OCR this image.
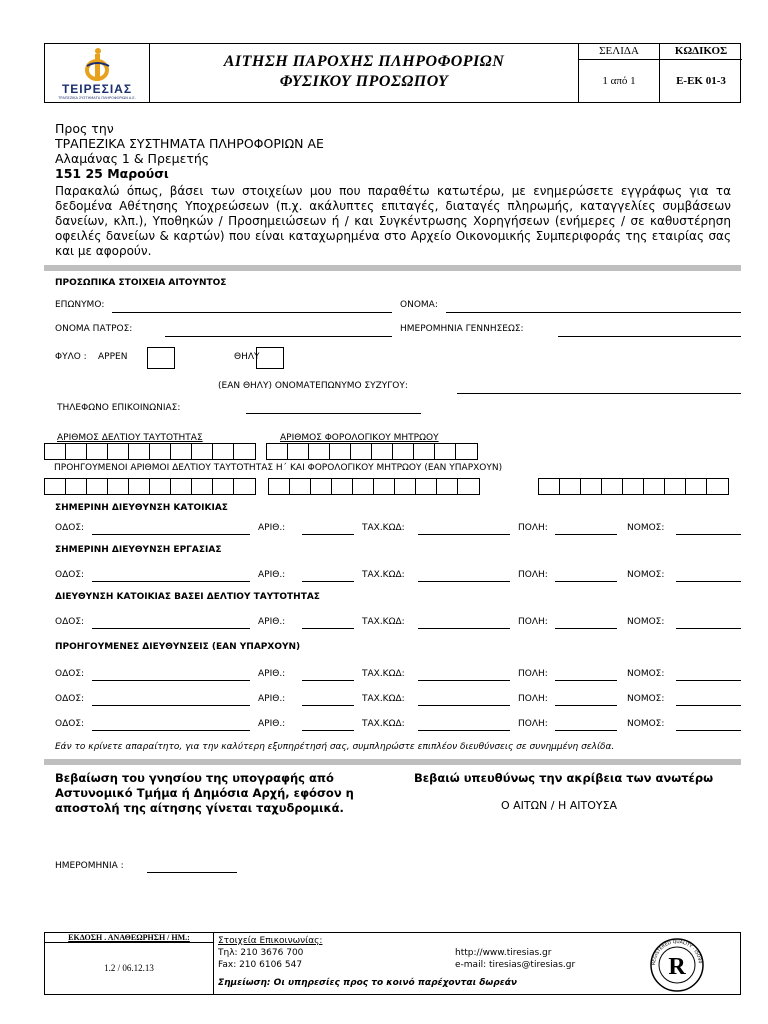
ΤΕΙΡΕΣΙΑΣ
ΤΡΑΠΕΖΙΚΑ ΣΥΣΤΗΜΑΤΑ ΠΛΗΡΟΦΟΡΙΩΝ Α.Ε.
ΑΙΤΗΣΗ ΠΑΡΟΧΗΣ ΠΛΗΡΟΦΟΡΙΩΝ
ΦΥΣΙΚΟΥ ΠΡΟΣΩΠΟΥ
ΣΕΛΙΔΑ	ΚΩΔΙΚΟΣ
1 από 1	Ε-ΕΚ 01-3
Προς την
ΤΡΑΠΕΖΙΚΑ ΣΥΣΤΗΜΑΤΑ ΠΛΗΡΟΦΟΡΙΩΝ ΑΕ
Αλαμάνας 1 & Πρεμετής
151 25 Μαρούσι
Παρακαλώ όπως, βάσει των στοιχείων μου που παραθέτω κατωτέρω, με ενημερώσετε εγγράφως για τα δεδομένα Αθέτησης Υποχρεώσεων (π.χ. ακάλυπτες επιταγές, διαταγές πληρωμής, καταγγελίες συμβάσεων δανείων, κλπ.), Υποθηκών / Προσημειώσεων ή / και Συγκέντρωσης Χορηγήσεων (ενήμερες / σε καθυστέρηση οφειλές δανείων & καρτών) που είναι καταχωρημένα στο Αρχείο Οικονομικής Συμπεριφοράς της εταιρίας σας και με αφορούν.
ΠΡΟΣΩΠΙΚΑ ΣΤΟΙΧΕΙΑ ΑΙΤΟΥΝΤΟΣ
ΕΠΩΝΥΜΟ:	ΟΝΟΜΑ:
ΟΝΟΜΑ ΠΑΤΡΟΣ:	ΗΜΕΡΟΜΗΝΙΑ ΓΕΝΝΗΣΕΩΣ:
ΦΥΛΟ : ΑΡΡΕΝ	ΘΗΛΥ
(ΕΑΝ ΘΗΛΥ) ΟΝΟΜΑΤΕΠΩΝΥΜΟ ΣΥΖΥΓΟΥ:
ΤΗΛΕΦΩΝΟ ΕΠΙΚΟΙΝΩΝΙΑΣ:
ΑΡΙΘΜΟΣ ΔΕΛΤΙΟΥ ΤΑΥΤΟΤΗΤΑΣ	ΑΡΙΘΜΟΣ ΦΟΡΟΛΟΓΙΚΟΥ ΜΗΤΡΩΟΥ
ΠΡΟΗΓΟΥΜΕΝΟΙ ΑΡΙΘΜΟΙ ΔΕΛΤΙΟΥ ΤΑΥΤΟΤΗΤΑΣ Η΄ ΚΑΙ ΦΟΡΟΛΟΓΙΚΟΥ ΜΗΤΡΩΟΥ (ΕΑΝ ΥΠΑΡΧΟΥΝ)
ΣΗΜΕΡΙΝΗ ΔΙΕΥΘΥΝΣΗ ΚΑΤΟΙΚΙΑΣ
ΟΔΟΣ:	ΑΡΙΘ.:	ΤΑΧ.ΚΩΔ:	ΠΟΛΗ:	ΝΟΜΟΣ:
ΣΗΜΕΡΙΝΗ ΔΙΕΥΘΥΝΣΗ ΕΡΓΑΣΙΑΣ
ΟΔΟΣ:	ΑΡΙΘ.:	ΤΑΧ.ΚΩΔ:	ΠΟΛΗ:	ΝΟΜΟΣ:
ΔΙΕΥΘΥΝΣΗ ΚΑΤΟΙΚΙΑΣ ΒΑΣΕΙ ΔΕΛΤΙΟΥ ΤΑΥΤΟΤΗΤΑΣ
ΟΔΟΣ:	ΑΡΙΘ.:	ΤΑΧ.ΚΩΔ:	ΠΟΛΗ:	ΝΟΜΟΣ:
ΠΡΟΗΓΟΥΜΕΝΕΣ ΔΙΕΥΘΥΝΣΕΙΣ (ΕΑΝ ΥΠΑΡΧΟΥΝ)
ΟΔΟΣ:	ΑΡΙΘ.:	ΤΑΧ.ΚΩΔ:	ΠΟΛΗ:	ΝΟΜΟΣ:
ΟΔΟΣ:	ΑΡΙΘ.:	ΤΑΧ.ΚΩΔ:	ΠΟΛΗ:	ΝΟΜΟΣ:
ΟΔΟΣ:	ΑΡΙΘ.:	ΤΑΧ.ΚΩΔ:	ΠΟΛΗ:	ΝΟΜΟΣ:
Εάν το κρίνετε απαραίτητο, για την καλύτερη εξυπηρέτησή σας, συμπληρώστε επιπλέον διευθύνσεις σε συνημμένη σελίδα.
Βεβαίωση του γνησίου της υπογραφής από Αστυνομικό Τμήμα ή Δημόσια Αρχή, εφόσον η αποστολή της αίτησης γίνεται ταχυδρομικά.
Βεβαιώ υπευθύνως την ακρίβεια των ανωτέρω
Ο ΑΙΤΩΝ / Η ΑΙΤΟΥΣΑ
ΗΜΕΡΟΜΗΝΙΑ :
ΕΚΔΟΣΗ . ΑΝΑΘΕΩΡΗΣΗ / ΗΜ.:
1.2 / 06.12.13
Στοιχεία Επικοινωνίας:
Τηλ: 210 3676 700
Fax: 210 6106 547
http://www.tiresias.gr
e-mail: tiresias@tiresias.gr
Σημείωση: Οι υπηρεσίες προς το κοινό παρέχονται δωρεάν
R
REGISTERED QUALITY · ISO90
